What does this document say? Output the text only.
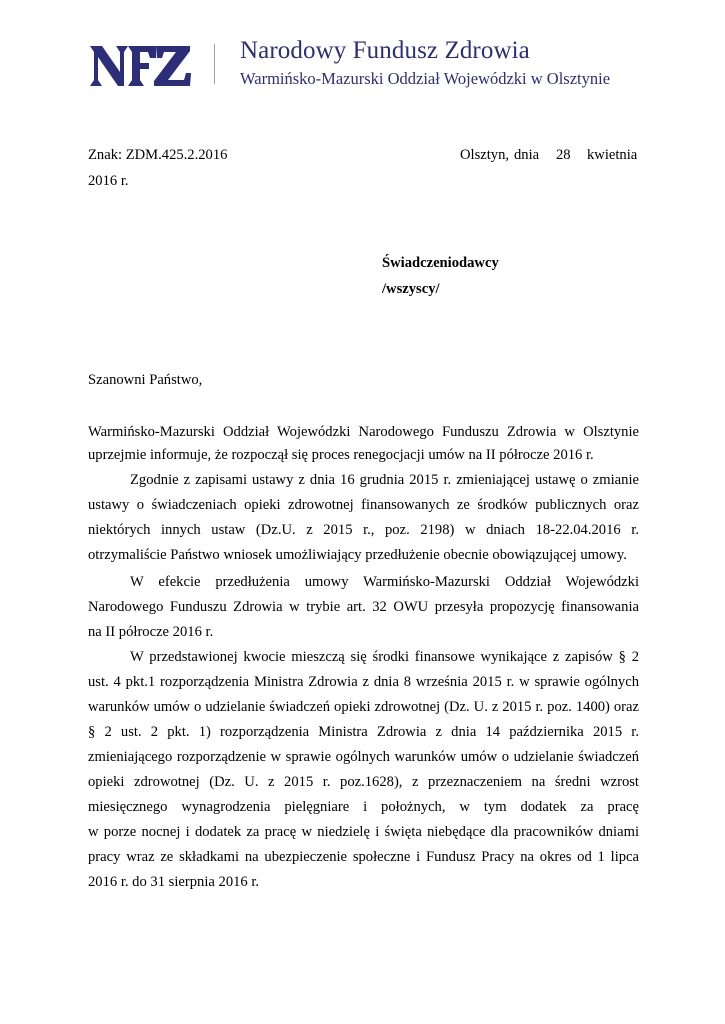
Narodowy Fundusz Zdrowia
Warmińsko-Mazurski Oddział Wojewódzki w Olsztynie
Znak: ZDM.425.2.2016	Olsztyn, dnia 28 kwietnia
2016 r.
Świadczeniodawcy
/wszyscy/
Szanowni Państwo,
Warmińsko-Mazurski Oddział Wojewódzki Narodowego Funduszu Zdrowia w Olsztynie
uprzejmie informuje, że rozpoczął się proces renegocjacji umów na II półrocze 2016 r.
Zgodnie z zapisami ustawy z dnia 16 grudnia 2015 r. zmieniającej ustawę o zmianie
ustawy o świadczeniach opieki zdrowotnej finansowanych ze środków publicznych oraz
niektórych innych ustaw (Dz.U. z 2015 r., poz. 2198) w dniach 18-22.04.2016 r.
otrzymaliście Państwo wniosek umożliwiający przedłużenie obecnie obowiązującej umowy.
W efekcie przedłużenia umowy Warmińsko-Mazurski Oddział Wojewódzki
Narodowego Funduszu Zdrowia w trybie art. 32 OWU przesyła propozycję finansowania
na II półrocze 2016 r.
W przedstawionej kwocie mieszczą się środki finansowe wynikające z zapisów § 2
ust. 4 pkt.1 rozporządzenia Ministra Zdrowia z dnia 8 września 2015 r. w sprawie ogólnych
warunków umów o udzielanie świadczeń opieki zdrowotnej (Dz. U. z 2015 r. poz. 1400) oraz
§ 2 ust. 2 pkt. 1) rozporządzenia Ministra Zdrowia z dnia 14 października 2015 r.
zmieniającego rozporządzenie w sprawie ogólnych warunków umów o udzielanie świadczeń
opieki zdrowotnej (Dz. U. z 2015 r. poz.1628), z przeznaczeniem na średni wzrost
miesięcznego wynagrodzenia pielęgniare i położnych, w tym dodatek za pracę
w porze nocnej i dodatek za pracę w niedzielę i święta niebędące dla pracowników dniami
pracy wraz ze składkami na ubezpieczenie społeczne i Fundusz Pracy na okres od 1 lipca
2016 r. do 31 sierpnia 2016 r.
